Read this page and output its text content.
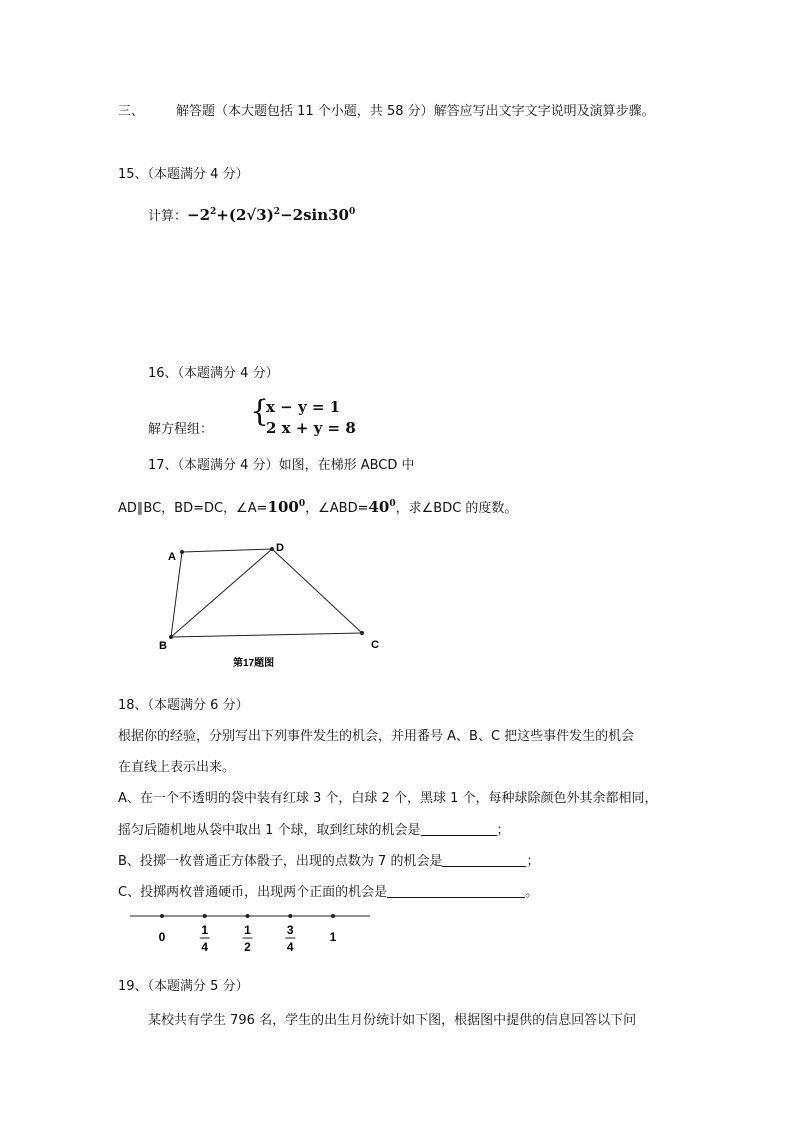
三、 解答题（本大题包括 11 个小题，共 58 分）解答应写出文字文字说明及演算步骤。
15、（本题满分 4 分）
计算：$-2^2+(2√3)^2-2\sin 30^0$
16、（本题满分 4 分）
解方程组：
{
x − y = 1
2 x + y = 8
17、（本题满分 4 分）如图，在梯形 ABCD 中
AD∥BC，BD=DC，$\angle A=100^0$，$\angle ABD=40^0$，求∠BDC 的度数。
A
D
B	C
第17题图
18、（本题满分 6 分）
根据你的经验，分别写出下列事件发生的机会，并用番号 A、B、C 把这些事件发生的机会
在直线上表示出来。
A、在一个不透明的袋中装有红球 3 个，白球 2 个，黑球 1 个，每种球除颜色外其余都相同，
摇匀后随机地从袋中取出 1 个球，取到红球的机会是	；
B、投掷一枚普通正方体骰子，出现的点数为 7 的机会是	；
C、投掷两枚普通硬币，出现两个正面的机会是	。
0	1
4
1
2
3
4
1
19、（本题满分 5 分）
某校共有学生 796 名，学生的出生月份统计如下图，根据图中提供的信息回答以下问
